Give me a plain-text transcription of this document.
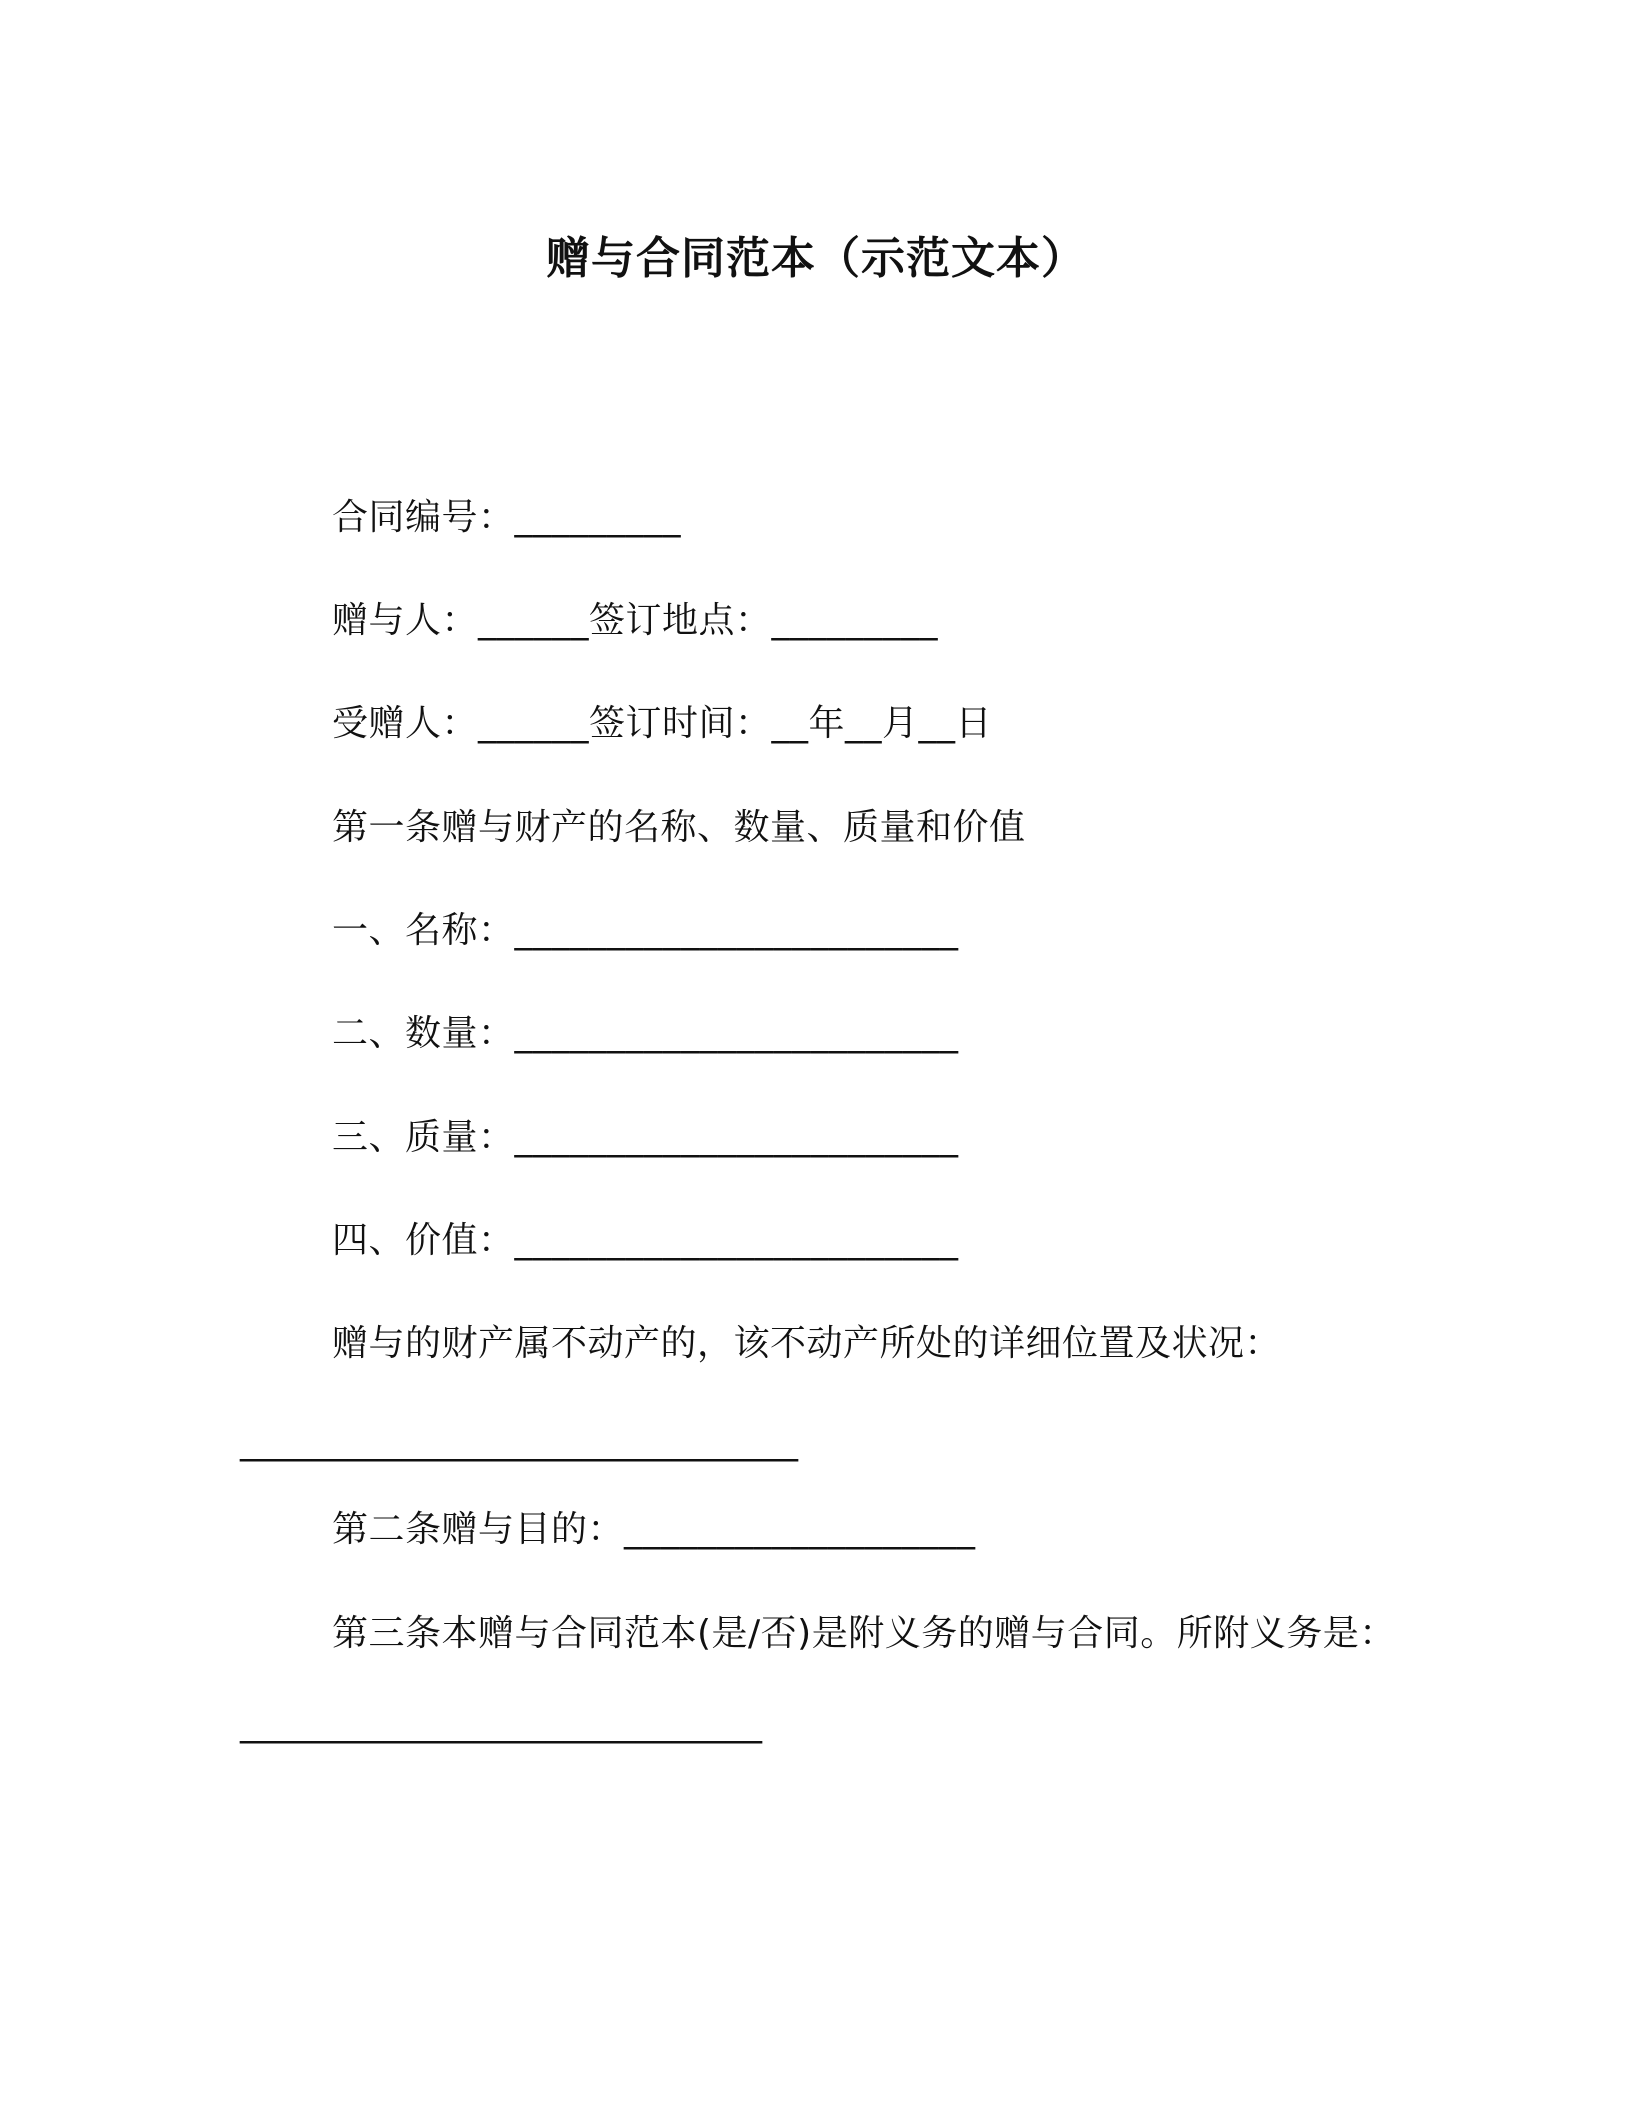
赠与合同范本（示范文本）
合同编号：_________
赠与人：______签订地点：_________
受赠人：______签订时间：__年__月__日
第一条赠与财产的名称、数量、质量和价值
一、名称：________________________
二、数量：________________________
三、质量：________________________
四、价值：________________________
赠与的财产属不动产的，该不动产所处的详细位置及状况：
_______________________________
第二条赠与目的：___________________
第三条本赠与合同范本(是/否)是附义务的赠与合同。所附义务是：
_____________________________
